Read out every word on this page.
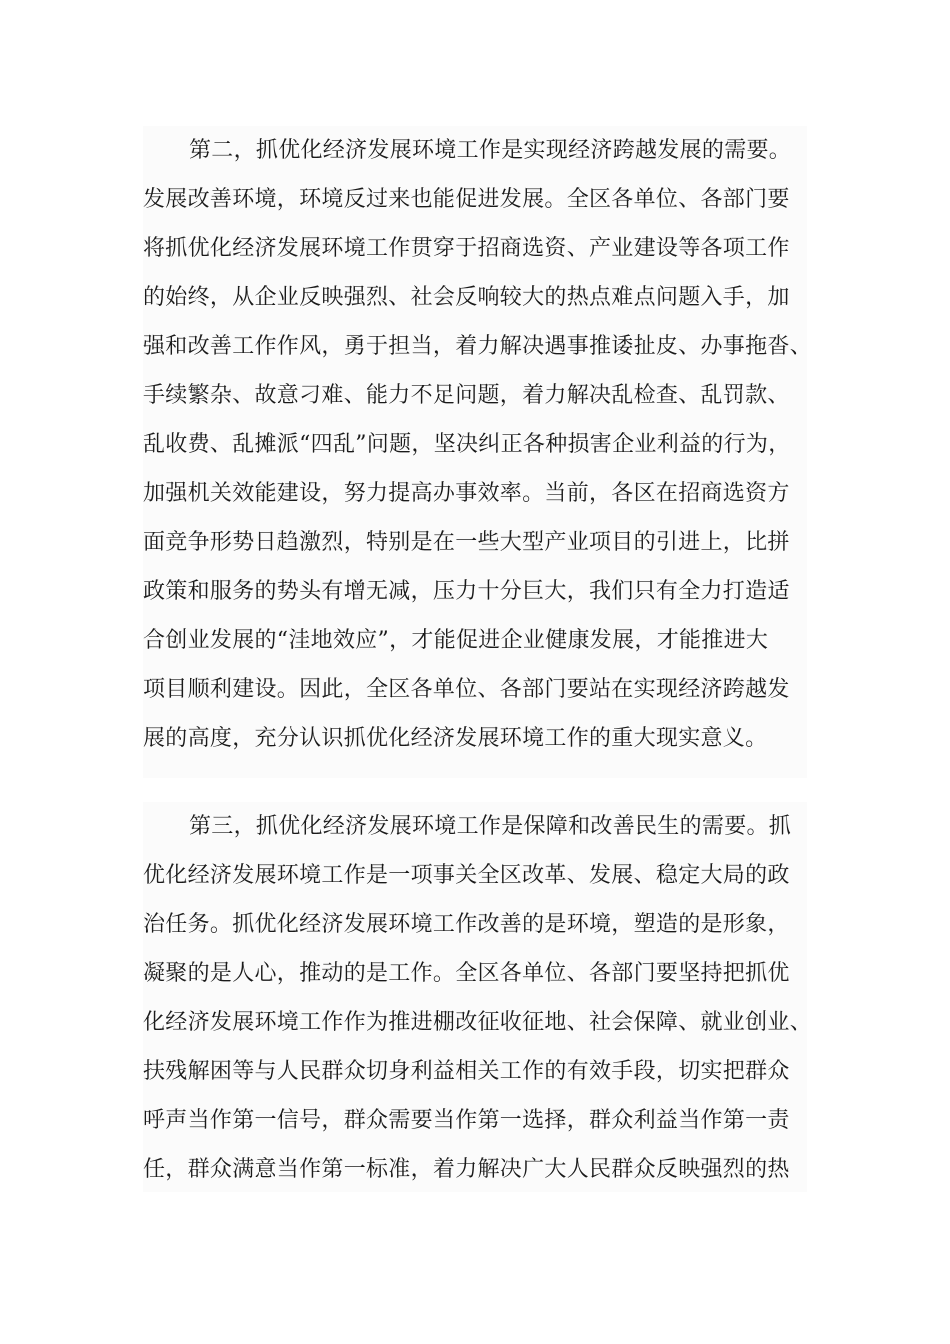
第二，抓优化经济发展环境工作是实现经济跨越发展的需要。
发展改善环境，环境反过来也能促进发展。全区各单位、各部门要
将抓优化经济发展环境工作贯穿于招商选资、产业建设等各项工作
的始终，从企业反映强烈、社会反响较大的热点难点问题入手，加
强和改善工作作风，勇于担当，着力解决遇事推诿扯皮、办事拖沓、
手续繁杂、故意刁难、能力不足问题，着力解决乱检查、乱罚款、
乱收费、乱摊派“四乱”问题，坚决纠正各种损害企业利益的行为，
加强机关效能建设，努力提高办事效率。当前，各区在招商选资方
面竞争形势日趋激烈，特别是在一些大型产业项目的引进上，比拼
政策和服务的势头有增无减，压力十分巨大，我们只有全力打造适
合创业发展的“洼地效应”，才能促进企业健康发展，才能推进大
项目顺利建设。因此，全区各单位、各部门要站在实现经济跨越发
展的高度，充分认识抓优化经济发展环境工作的重大现实意义。
第三，抓优化经济发展环境工作是保障和改善民生的需要。抓
优化经济发展环境工作是一项事关全区改革、发展、稳定大局的政
治任务。抓优化经济发展环境工作改善的是环境，塑造的是形象，
凝聚的是人心，推动的是工作。全区各单位、各部门要坚持把抓优
化经济发展环境工作作为推进棚改征收征地、社会保障、就业创业、
扶残解困等与人民群众切身利益相关工作的有效手段，切实把群众
呼声当作第一信号，群众需要当作第一选择，群众利益当作第一责
任，群众满意当作第一标准，着力解决广大人民群众反映强烈的热
